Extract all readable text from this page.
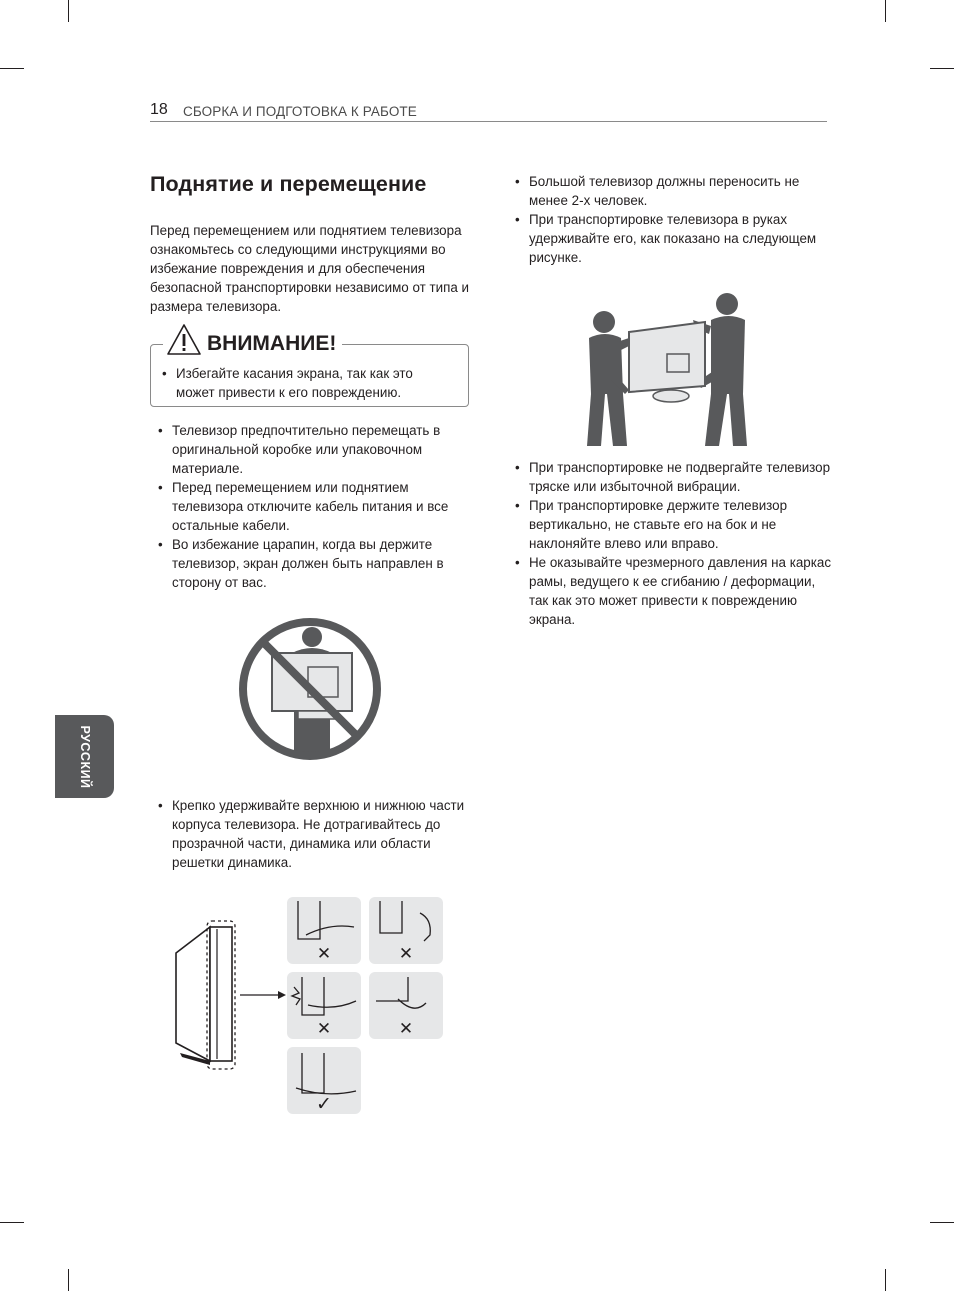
18 СБОРКА И ПОДГОТОВКА К РАБОТЕ
Поднятие и перемещение
Перед перемещением или поднятием телевизора ознакомьтесь со следующими инструкциями во избежание повреждения и для обеспечения безопасной транспортировки независимо от типа и размера телевизора.
ВНИМАНИЕ!
• Избегайте касания экрана, так как это может привести к его повреждению.
• Телевизор предпочтительно перемещать в оригинальной коробке или упаковочном материале.
• Перед перемещением или поднятием телевизора отключите кабель питания и все остальные кабели.
• Во избежание царапин, когда вы держите телевизор, экран должен быть направлен в сторону от вас.
• Крепко удерживайте верхнюю и нижнюю части корпуса телевизора. Не дотрагивайтесь до прозрачной части, динамика или области решетки динамика.
✕	✕
✕	✕
✓
• Большой телевизор должны переносить не менее 2-х человек.
• При транспортировке телевизора в руках удерживайте его, как показано на следующем рисунке.
• При транспортировке не подвергайте телевизор тряске или избыточной вибрации.
• При транспортировке держите телевизор вертикально, не ставьте его на бок и не наклоняйте влево или вправо.
• Не оказывайте чрезмерного давления на каркас рамы, ведущего к ее сгибанию / деформации, так как это может привести к повреждению экрана.
РУССКИЙ
